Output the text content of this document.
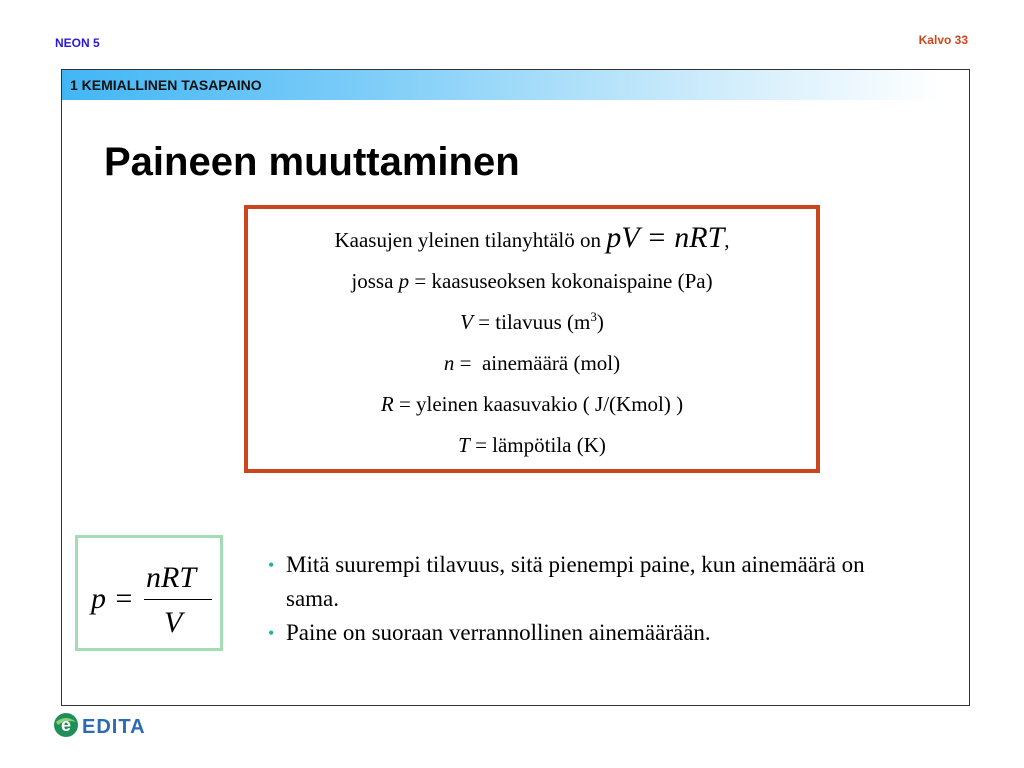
NEON 5	Kalvo 33
1 KEMIALLINEN TASAPAINO
Paineen muuttaminen
Kaasujen yleinen tilanyhtälö on pV = nRT,
jossa p = kaasuseoksen kokonaispaine (Pa)
V = tilavuus $(m^3)$
n =  ainemäärä (mol)
R = yleinen kaasuvakio ( J/(Kmol) )
T = lämpötila (K)
p =
nRT
V
• Mitä suurempi tilavuus, sitä pienempi paine, kun ainemäärä on sama.
• Paine on suoraan verrannollinen ainemäärään.
e EDITA
